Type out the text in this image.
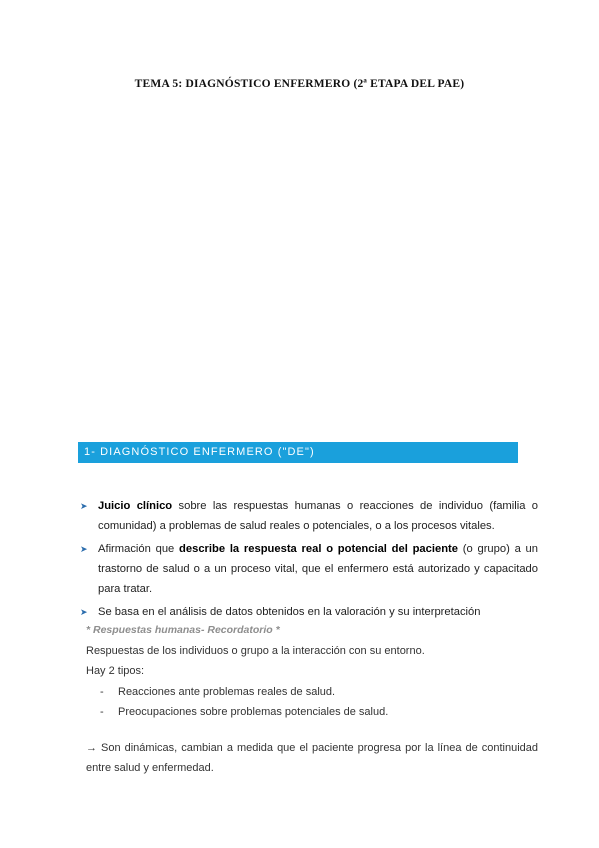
TEMA 5: DIAGNÓSTICO ENFERMERO (2ª ETAPA DEL PAE)
1- DIAGNÓSTICO ENFERMERO ("DE")
➤ Juicio clínico sobre las respuestas humanas o reacciones de individuo (familia o comunidad) a problemas de salud reales o potenciales, o a los procesos vitales.
➤ Afirmación que describe la respuesta real o potencial del paciente (o grupo) a un trastorno de salud o a un proceso vital, que el enfermero está autorizado y capacitado para tratar.
➤ Se basa en el análisis de datos obtenidos en la valoración y su interpretación
* Respuestas humanas- Recordatorio *
Respuestas de los individuos o grupo a la interacción con su entorno.
Hay 2 tipos:
- Reacciones ante problemas reales de salud.
- Preocupaciones sobre problemas potenciales de salud.
→ Son dinámicas, cambian a medida que el paciente progresa por la línea de continuidad entre salud y enfermedad.
